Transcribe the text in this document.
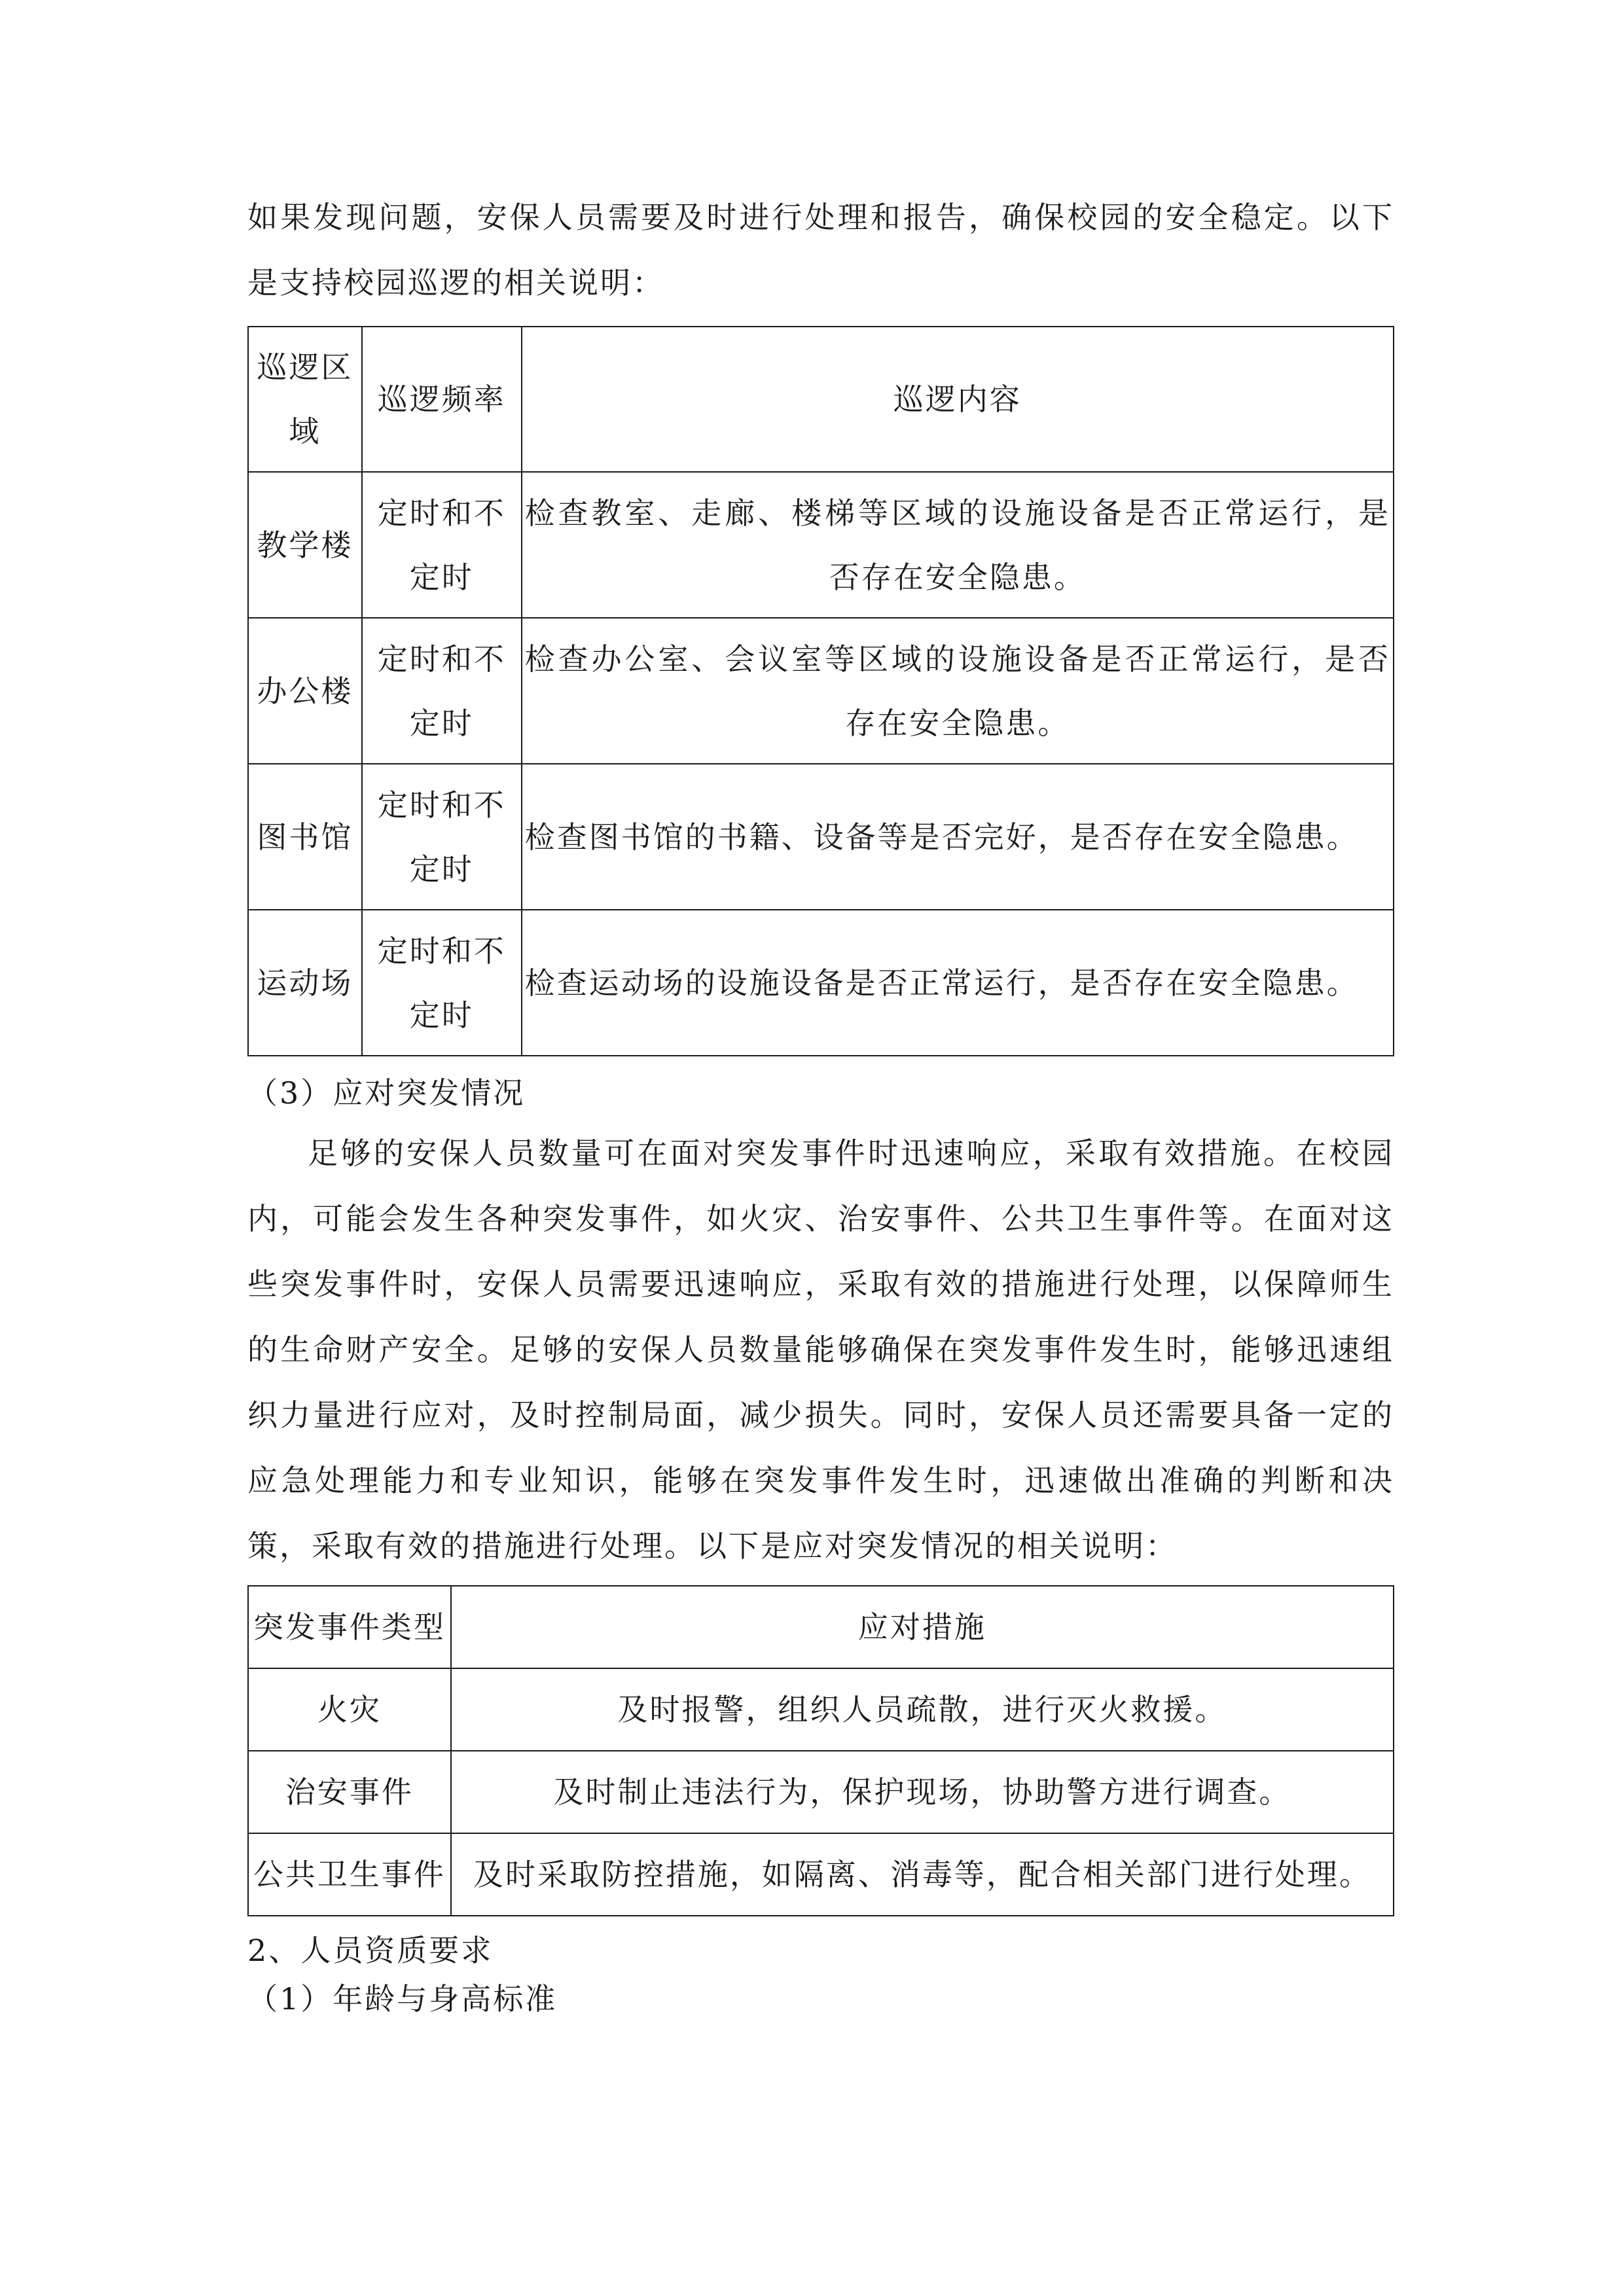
如果发现问题，安保人员需要及时进行处理和报告，确保校园的安全稳定。以下是支持校园巡逻的相关说明：

巡逻区域	巡逻频率	巡逻内容
教学楼	定时和不定时	检查教室、走廊、楼梯等区域的设施设备是否正常运行，是否存在安全隐患。
办公楼	定时和不定时	检查办公室、会议室等区域的设施设备是否正常运行，是否存在安全隐患。
图书馆	定时和不定时	检查图书馆的书籍、设备等是否完好，是否存在安全隐患。
运动场	定时和不定时	检查运动场的设施设备是否正常运行，是否存在安全隐患。

（3）应对突发情况

足够的安保人员数量可在面对突发事件时迅速响应，采取有效措施。在校园内，可能会发生各种突发事件，如火灾、治安事件、公共卫生事件等。在面对这些突发事件时，安保人员需要迅速响应，采取有效的措施进行处理，以保障师生的生命财产安全。足够的安保人员数量能够确保在突发事件发生时，能够迅速组织力量进行应对，及时控制局面，减少损失。同时，安保人员还需要具备一定的应急处理能力和专业知识，能够在突发事件发生时，迅速做出准确的判断和决策，采取有效的措施进行处理。以下是应对突发情况的相关说明：

突发事件类型	应对措施
火灾	及时报警，组织人员疏散，进行灭火救援。
治安事件	及时制止违法行为，保护现场，协助警方进行调查。
公共卫生事件	及时采取防控措施，如隔离、消毒等，配合相关部门进行处理。

2、人员资质要求

（1）年龄与身高标准
